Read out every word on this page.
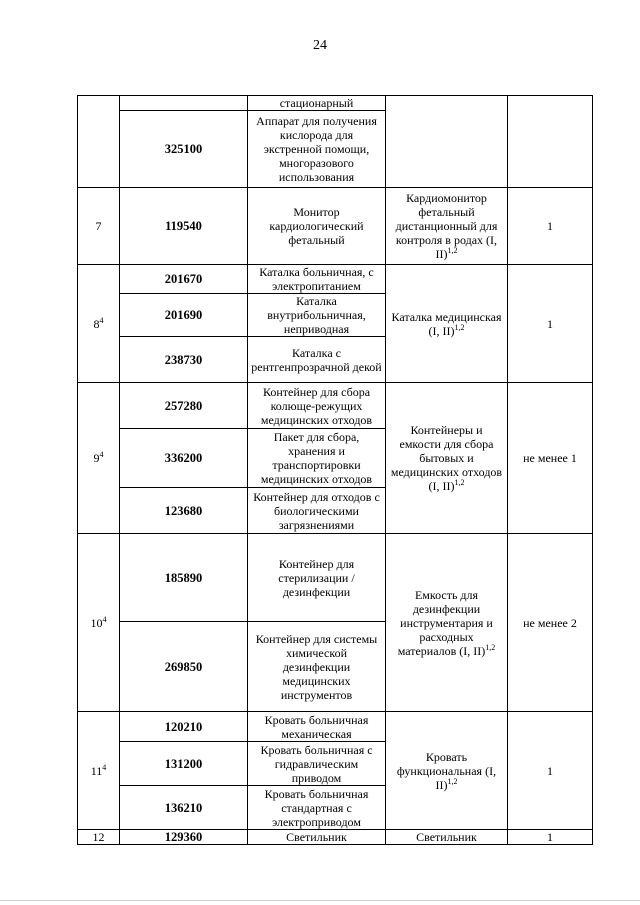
24
		стационарный		
	325100	Аппарат для получения кислорода для экстренной помощи, многоразового использования		
7	119540	Монитор кардиологический фетальный	Кардиомонитор фетальный дистанционный для контроля в родах (I, II)$^{1,2}$	1
$8^4$	201670	Каталка больничная, с электропитанием	Каталка медицинская (I, II)$^{1,2}$	1
	201690	Каталка внутрибольничная, неприводная		
	238730	Каталка с рентгенпрозрачной декой		
$9^4$	257280	Контейнер для сбора колюще-режущих медицинских отходов	Контейнеры и емкости для сбора бытовых и медицинских отходов (I, II)$^{1,2}$	не менее 1
	336200	Пакет для сбора, хранения и транспортировки медицинских отходов		
	123680	Контейнер для отходов с биологическими загрязнениями		
$10^4$	185890	Контейнер для стерилизации /дезинфекции	Емкость для дезинфекции инструментария и расходных материалов (I, II)$^{1,2}$	не менее 2
	269850	Контейнер для системы химической дезинфекции медицинских инструментов		
$11^4$	120210	Кровать больничная механическая	Кровать функциональная (I, II)$^{1,2}$	1
	131200	Кровать больничная с гидравлическим приводом		
	136210	Кровать больничная стандартная с электроприводом		
12	129360	Светильник	Светильник	1
